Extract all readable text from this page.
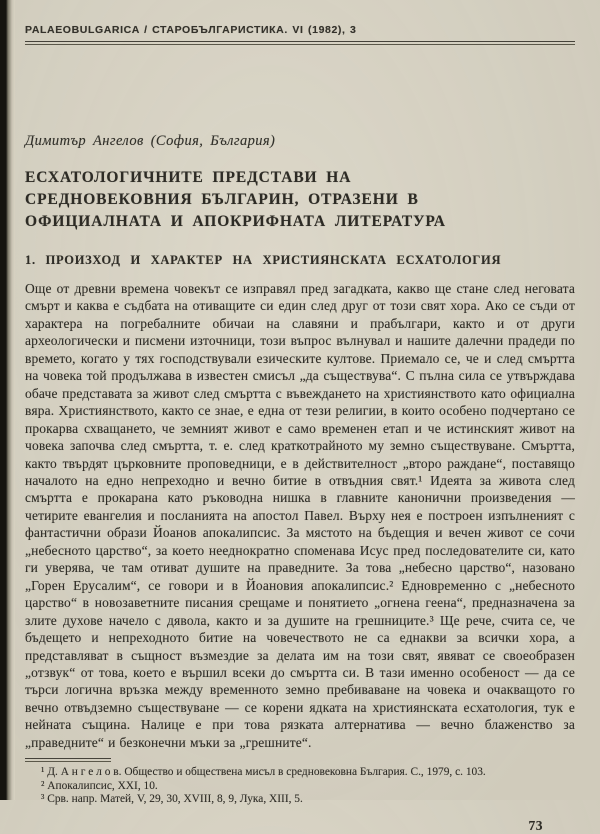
PALAEOBULGARICA / СТАРОБЪЛГАРИСТИКА. VI (1982), 3
Димитър Ангелов (София, България)
ЕСХАТОЛОГИЧНИТЕ ПРЕДСТАВИ НА СРЕДНОВЕКОВНИЯ БЪЛГАРИН, ОТРАЗЕНИ В ОФИЦИАЛНАТА И АПОКРИФНАТА ЛИТЕРАТУРА
1. ПРОИЗХОД И ХАРАКТЕР НА ХРИСТИЯНСКАТА ЕСХАТОЛОГИЯ
Още от древни времена човекът се изправял пред загадката, какво ще стане след неговата смърт и каква е съдбата на отиващите си един след друг от този свят хора. Ако се съди от характера на погребалните обичаи на славяни и прабългари, както и от други археологически и писмени източници, този въпрос вълнувал и нашите далечни прадеди по времето, когато у тях господствували езическите култове. Приемало се, че и след смъртта на човека той продължава в известен смисъл „да съществува“. С пълна сила се утвърждава обаче представата за живот след смъртта с въвеждането на християнството като официална вяра. Християнството, както се знае, е една от тези религии, в които особено подчертано се прокарва схващането, че земният живот е само временен етап и че истинският живот на човека започва след смъртта, т. е. след краткотрайното му земно съществуване. Смъртта, както твърдят църковните проповедници, е в действителност „второ раждане“, поставящо началото на едно непреходно и вечно битие в отвъдния свят.¹ Идеята за живота след смъртта е прокарана като ръководна нишка в главните канонични произведения — четирите евангелия и посланията на апостол Павел. Върху нея е построен изпълненият с фантастични образи Йоанов апокалипсис. За мястото на бъдещия и вечен живот се сочи „небесното царство“, за което нееднократно споменава Исус пред последователите си, като ги уверява, че там отиват душите на праведните. За това „небесно царство“, назовано „Горен Ерусалим“, се говори и в Йоановия апокалипсис.² Едновременно с „небесното царство“ в новозаветните писания срещаме и понятието „огнена геена“, предназначена за злите духове начело с дявола, както и за душите на грешниците.³ Ще рече, счита се, че бъдещето и непреходното битие на човечеството не са еднакви за всички хора, а представляват в същност възмездие за делата им на този свят, явяват се своеобразен „отзвук“ от това, което е вършил всеки до смъртта си. В тази именно особеност — да се търси логична връзка между временното земно пребиваване на човека и очакващото го вечно отвъдземно съществуване — се корени ядката на християнската есхатология, тук е нейната същина. Налице е при това рязката алтернатива — вечно блаженство за „праведните“ и безконечни мъки за „грешните“.

¹ Д. А н г е л о в. Общество и обществена мисъл в средновековна България. С., 1979, с. 103.

² Апокалипсис, XXI, 10.

³ Срв. напр. Матей, V, 29, 30, XVIII, 8, 9, Лука, XIII, 5.

73
